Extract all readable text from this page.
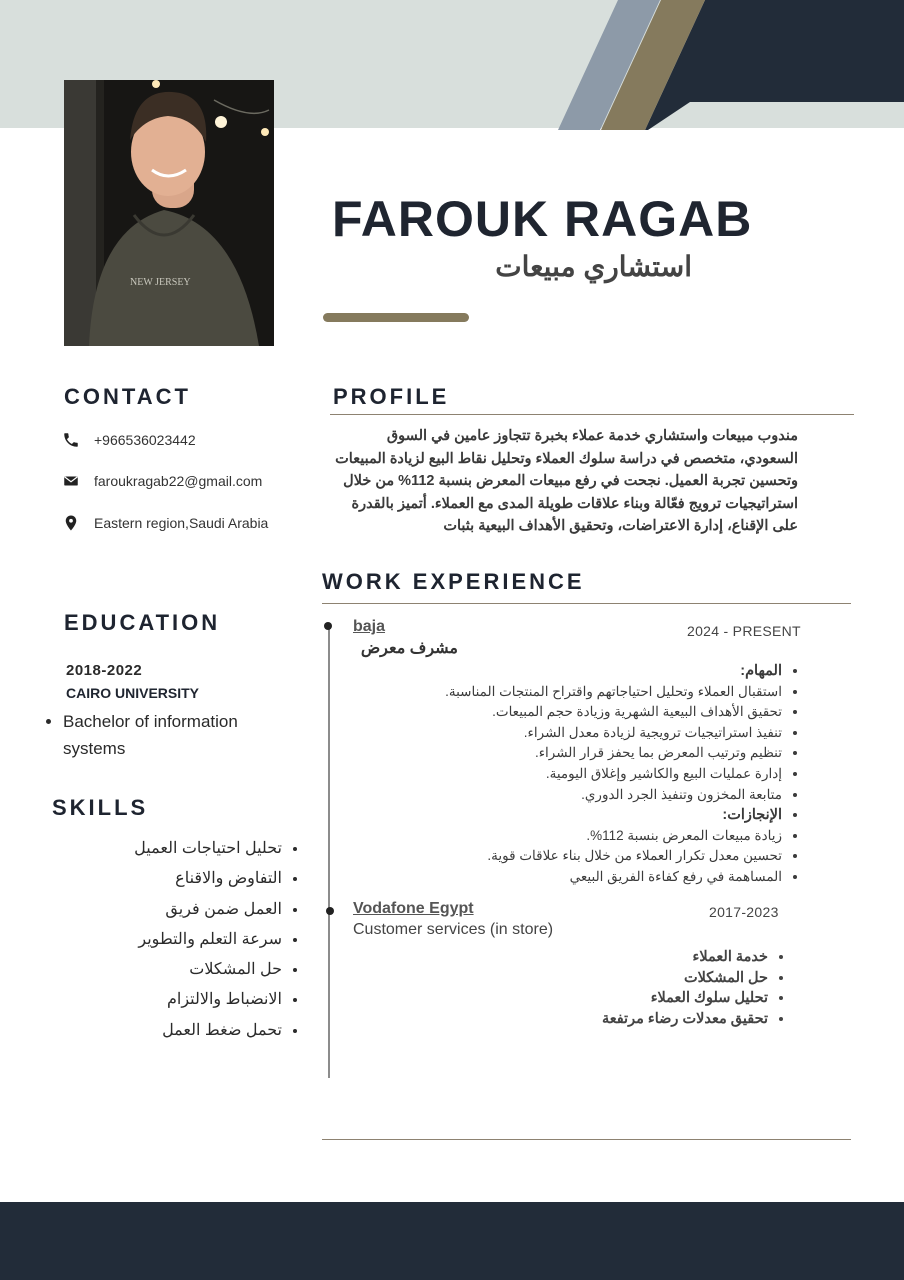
NEW JERSEY
FAROUK RAGAB
استشاري مبيعات
CONTACT
+966536023442
faroukragab22@gmail.com
Eastern region,Saudi Arabia
PROFILE
مندوب مبيعات واستشاري خدمة عملاء بخبرة تتجاوز عامين في السوق السعودي، متخصص في دراسة سلوك العملاء وتحليل نقاط البيع لزيادة المبيعات وتحسين تجربة العميل. نجحت في رفع مبيعات المعرض بنسبة 112% من خلال استراتيجيات ترويج فعّالة وبناء علاقات طويلة المدى مع العملاء. أتميز بالقدرة على الإقناع، إدارة الاعتراضات، وتحقيق الأهداف البيعية بثبات
WORK EXPERIENCE
baja	2024 - PRESENT
مشرف معرض
• المهام:
• استقبال العملاء وتحليل احتياجاتهم واقتراح المنتجات المناسبة.
• تحقيق الأهداف البيعية الشهرية وزيادة حجم المبيعات.
• تنفيذ استراتيجيات ترويجية لزيادة معدل الشراء.
• تنظيم وترتيب المعرض بما يحفز قرار الشراء.
• إدارة عمليات البيع والكاشير وإغلاق اليومية.
• متابعة المخزون وتنفيذ الجرد الدوري.
• الإنجازات:
• زيادة مبيعات المعرض بنسبة 112%.
• تحسين معدل تكرار العملاء من خلال بناء علاقات قوية.
• المساهمة في رفع كفاءة الفريق البيعي
Vodafone Egypt	2017-2023
Customer services (in store)
• خدمة العملاء
• حل المشكلات
• تحليل سلوك العملاء
• تحقيق معدلات رضاء مرتفعة
EDUCATION
2018-2022
CAIRO UNIVERSITY
• Bachelor of information systems
SKILLS
• تحليل احتياجات العميل
• التفاوض والاقناع
• العمل ضمن فريق
• سرعة التعلم والتطوير
• حل المشكلات
• الانضباط والالتزام
• تحمل ضغط العمل
